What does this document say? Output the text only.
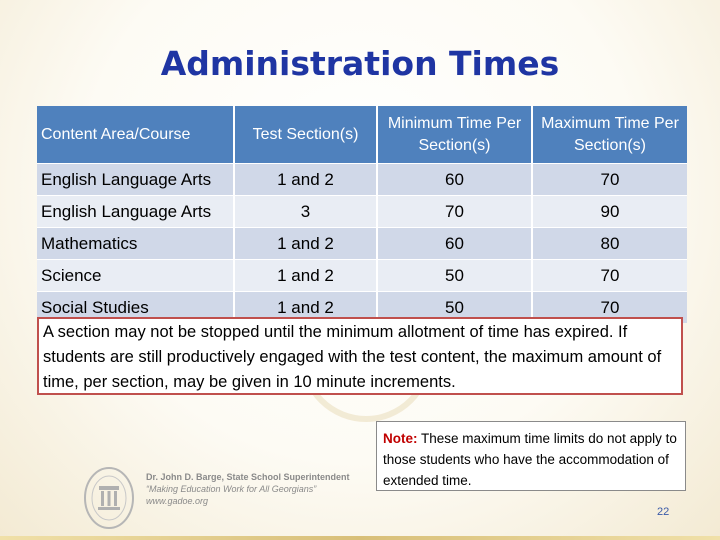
Administration Times
Content Area/Course	Test Section(s)	Minimum Time Per Section(s)	Maximum Time Per Section(s)
English Language Arts	1 and 2	60	70
English Language Arts	3	70	90
Mathematics	1 and 2	60	80
Science	1 and 2	50	70
Social Studies	1 and 2	50	70
A section may not be stopped until the minimum allotment of time has expired. If students are still productively engaged with the test content, the maximum amount of time, per section, may be given in 10 minute increments.
Dr. John D. Barge, State School Superintendent
“Making Education Work for All Georgians”
www.gadoe.org
Note: These maximum time limits do not apply to those students who have the accommodation of extended time.
22
